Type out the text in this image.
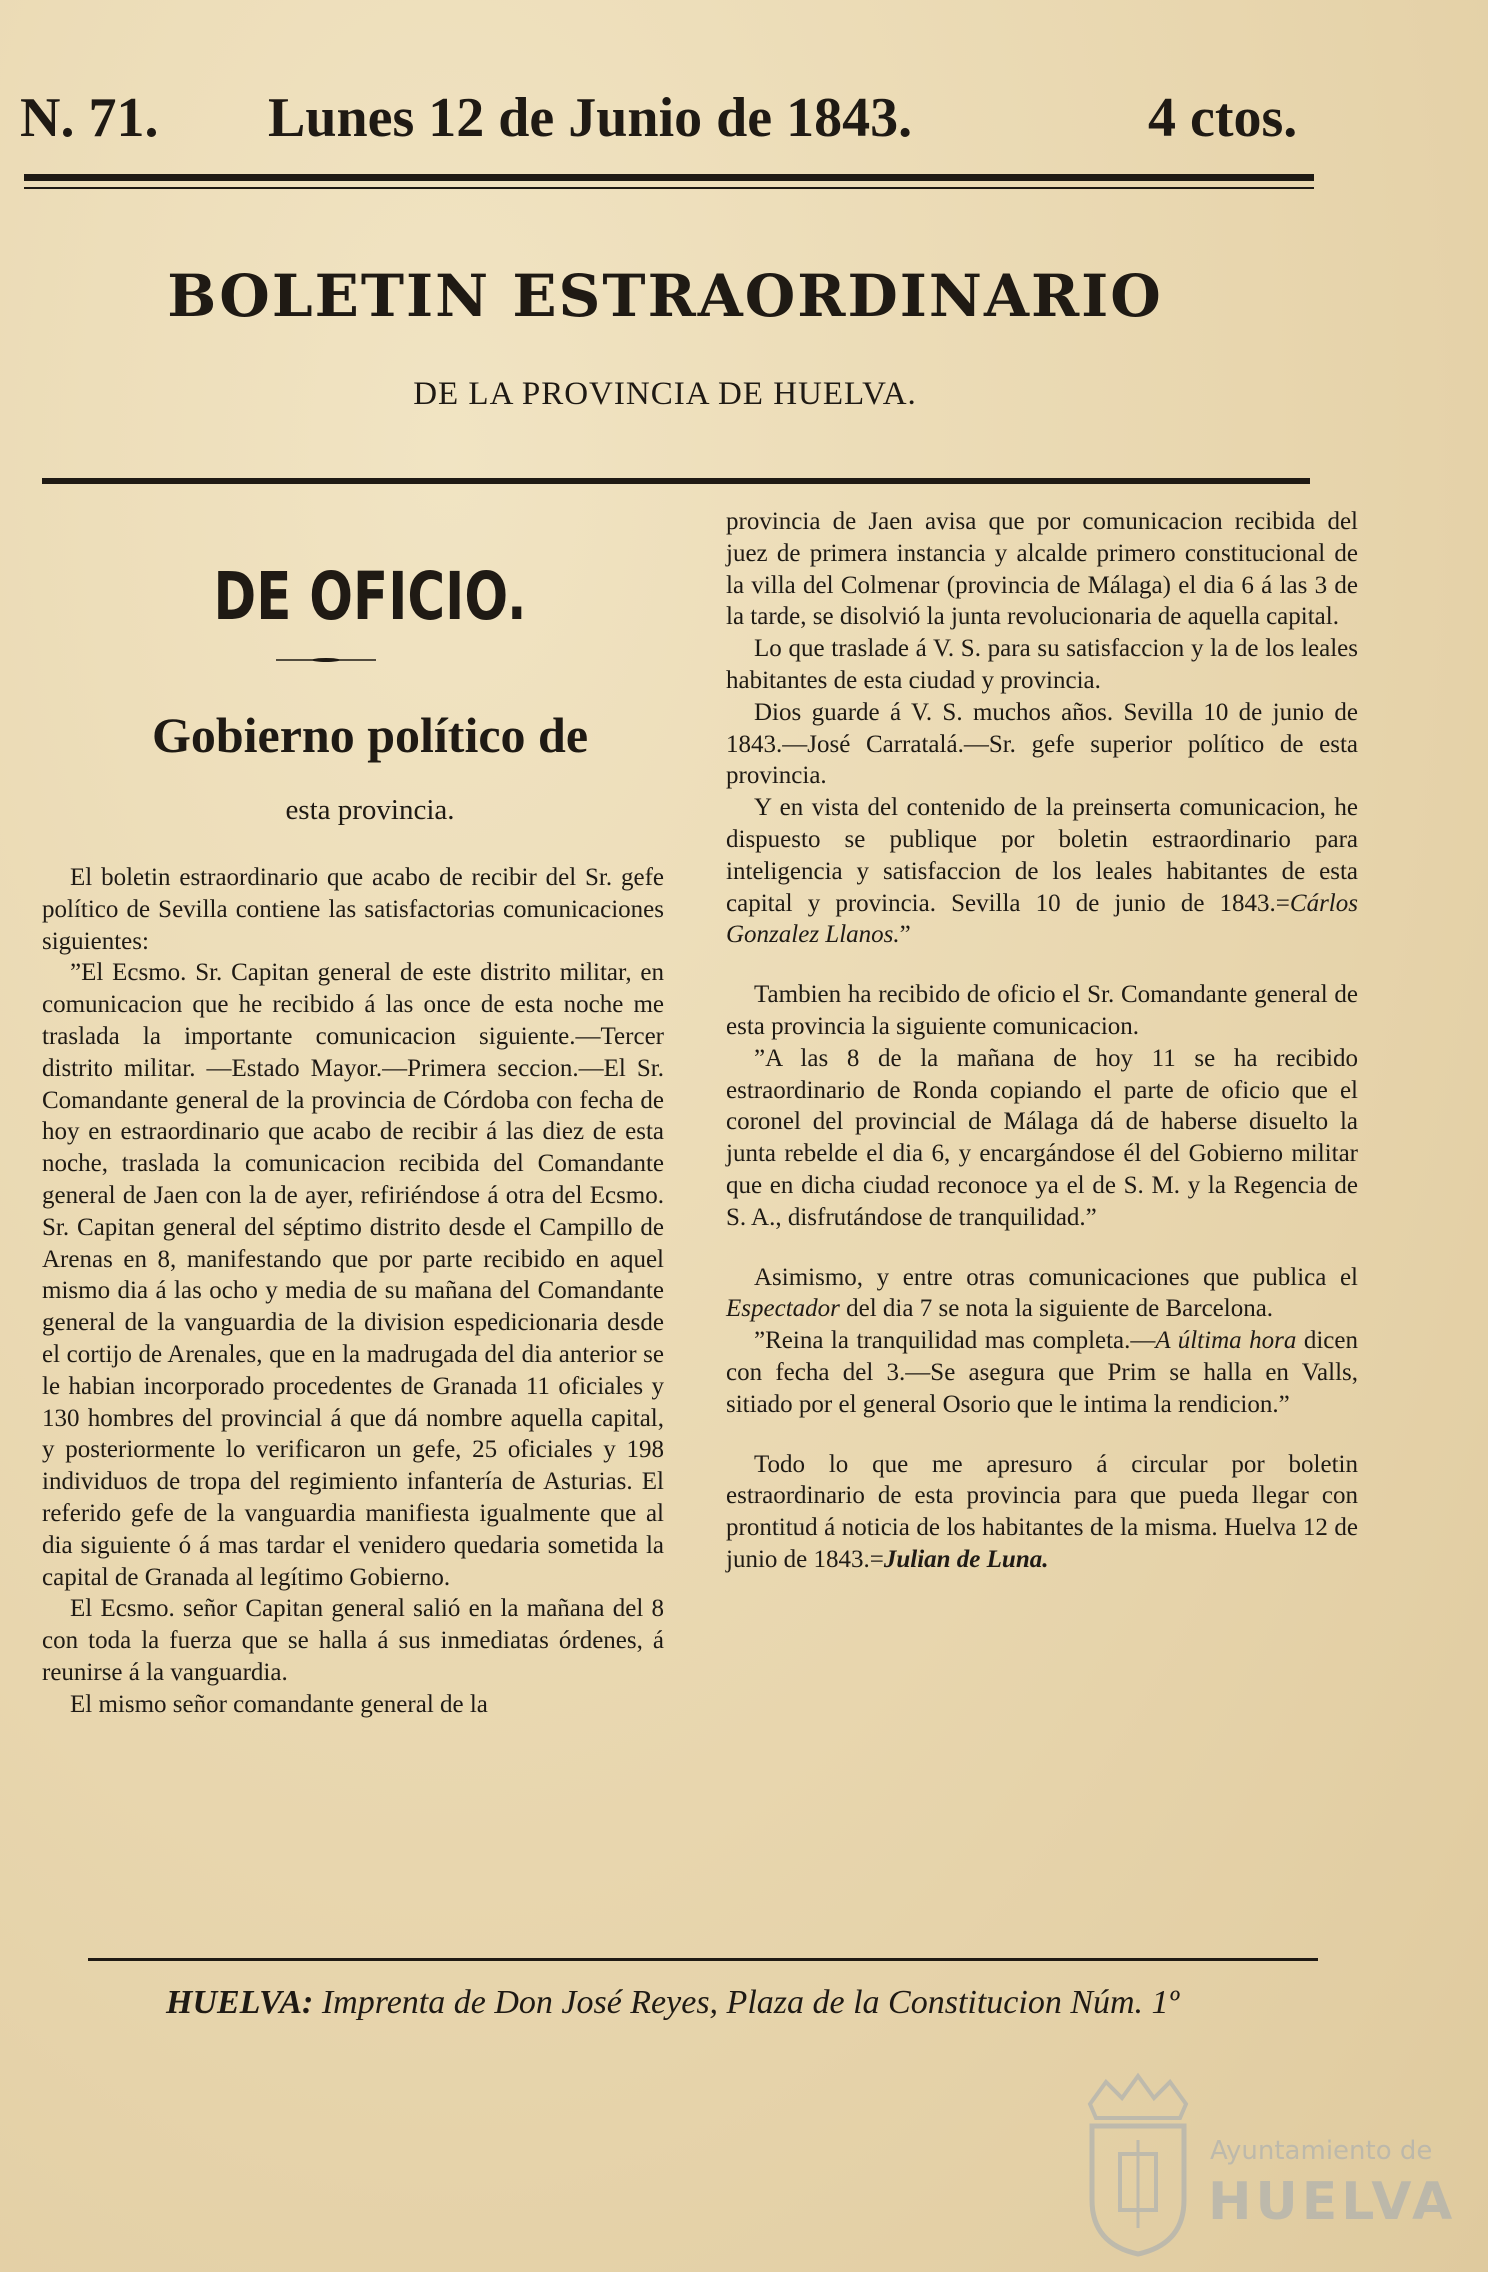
N. 71. Lunes 12 de Junio de 1843.	4 ctos.
BOLETIN ESTRAORDINARIO
DE LA PROVINCIA DE HUELVA.
DE OFICIO.
Gobierno político de
esta provincia.

El boletin estraordinario que acabo de recibir del Sr. gefe político de Sevilla contiene las satisfactorias comunicaciones siguientes:

”El Ecsmo. Sr. Capitan general de este distrito militar, en comunicacion que he recibido á las once de esta noche me traslada la importante comunicacion siguiente.—Tercer distrito militar. —Estado Mayor.—Primera seccion.—El Sr. Comandante general de la provincia de Córdoba con fecha de hoy en estraordinario que acabo de recibir á las diez de esta noche, traslada la comunicacion recibida del Comandante general de Jaen con la de ayer, refiriéndose á otra del Ecsmo. Sr. Capitan general del séptimo distrito desde el Campillo de Arenas en 8, manifestando que por parte recibido en aquel mismo dia á las ocho y media de su mañana del Comandante general de la vanguardia de la division espedicionaria desde el cortijo de Arenales, que en la madrugada del dia anterior se le habian incorporado procedentes de Granada 11 oficiales y 130 hombres del provincial á que dá nombre aquella capital, y posteriormente lo verificaron un gefe, 25 oficiales y 198 individuos de tropa del regimiento infantería de Asturias. El referido gefe de la vanguardia manifiesta igualmente que al dia siguiente ó á mas tardar el venidero quedaria sometida la capital de Granada al legítimo Gobierno.

El Ecsmo. señor Capitan general salió en la mañana del 8 con toda la fuerza que se halla á sus inmediatas órdenes, á reunirse á la vanguardia.

El mismo señor comandante general de la

provincia de Jaen avisa que por comunicacion recibida del juez de primera instancia y alcalde primero constitucional de la villa del Colmenar (provincia de Málaga) el dia 6 á las 3 de la tarde, se disolvió la junta revolucionaria de aquella capital.

Lo que traslade á V. S. para su satisfaccion y la de los leales habitantes de esta ciudad y provincia.

Dios guarde á V. S. muchos años. Sevilla 10 de junio de 1843.—José Carratalá.—Sr. gefe superior político de esta provincia.

Y en vista del contenido de la preinserta comunicacion, he dispuesto se publique por boletin estraordinario para inteligencia y satisfaccion de los leales habitantes de esta capital y provincia. Sevilla 10 de junio de 1843.=Cárlos Gonzalez Llanos.”

Tambien ha recibido de oficio el Sr. Comandante general de esta provincia la siguiente comunicacion.

”A las 8 de la mañana de hoy 11 se ha recibido estraordinario de Ronda copiando el parte de oficio que el coronel del provincial de Málaga dá de haberse disuelto la junta rebelde el dia 6, y encargándose él del Gobierno militar que en dicha ciudad reconoce ya el de S. M. y la Regencia de S. A., disfrutándose de tranquilidad.”

Asimismo, y entre otras comunicaciones que publica el Espectador del dia 7 se nota la siguiente de Barcelona.

”Reina la tranquilidad mas completa.—A última hora dicen con fecha del 3.—Se asegura que Prim se halla en Valls, sitiado por el general Osorio que le intima la rendicion.”

Todo lo que me apresuro á circular por boletin estraordinario de esta provincia para que pueda llegar con prontitud á noticia de los habitantes de la misma. Huelva 12 de junio de 1843.=Julian de Luna.

HUELVA: Imprenta de Don José Reyes, Plaza de la Constitucion Núm. 1º
Ayuntamiento de
HUELVA
